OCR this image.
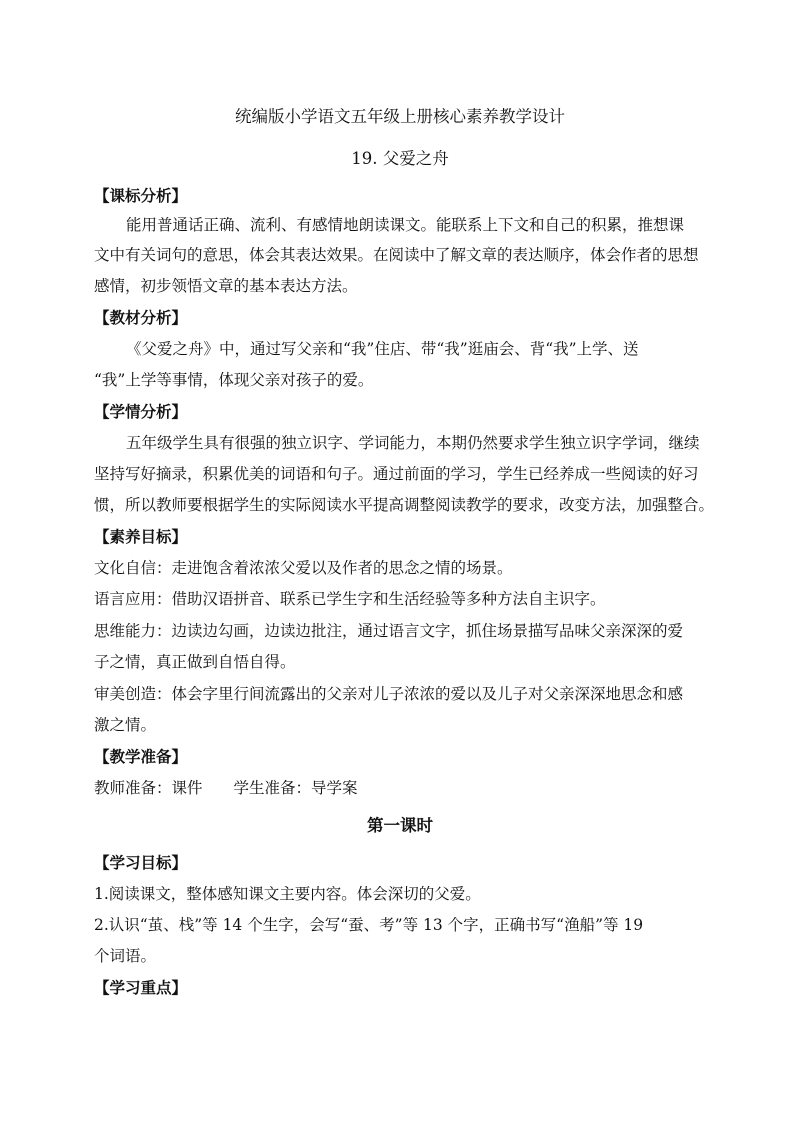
统编版小学语文五年级上册核心素养教学设计
19. 父爱之舟
【课标分析】
能用普通话正确、流利、有感情地朗读课文。能联系上下文和自己的积累，推想课
文中有关词句的意思，体会其表达效果。在阅读中了解文章的表达顺序，体会作者的思想
感情，初步领悟文章的基本表达方法。
【教材分析】
《父爱之舟》中，通过写父亲和“我”住店、带“我”逛庙会、背“我”上学、送
“我”上学等事情，体现父亲对孩子的爱。
【学情分析】
五年级学生具有很强的独立识字、学词能力，本期仍然要求学生独立识字学词，继续
坚持写好摘录，积累优美的词语和句子。通过前面的学习，学生已经养成一些阅读的好习
惯，所以教师要根据学生的实际阅读水平提高调整阅读教学的要求，改变方法，加强整合。
【素养目标】
文化自信：走进饱含着浓浓父爱以及作者的思念之情的场景。
语言应用：借助汉语拼音、联系已学生字和生活经验等多种方法自主识字。
思维能力：边读边勾画，边读边批注，通过语言文字，抓住场景描写品味父亲深深的爱
子之情，真正做到自悟自得。
审美创造：体会字里行间流露出的父亲对儿子浓浓的爱以及儿子对父亲深深地思念和感
激之情。
【教学准备】
教师准备：课件　　学生准备：导学案
第一课时
【学习目标】
1.阅读课文，整体感知课文主要内容。体会深切的父爱。
2.认识“茧、栈”等 14 个生字，会写“蚕、考”等 13 个字，正确书写“渔船”等 19
个词语。
【学习重点】
